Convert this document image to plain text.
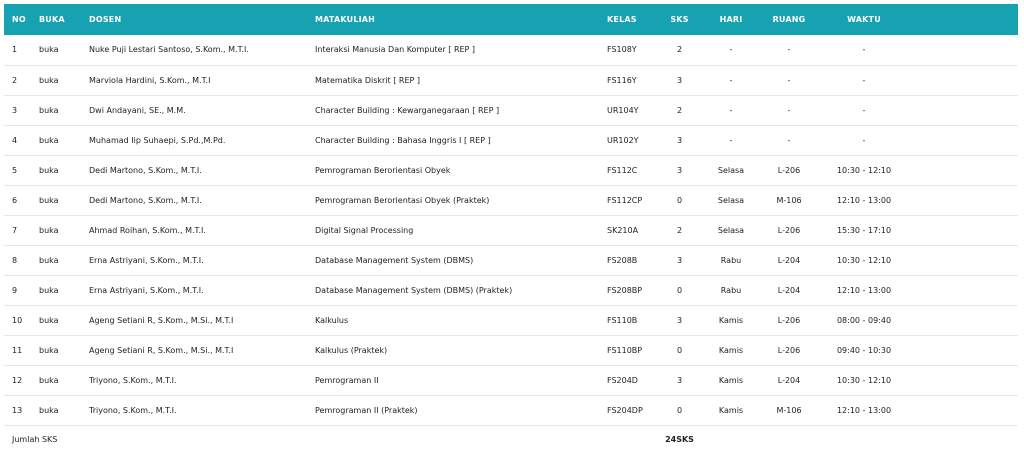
NO	BUKA	DOSEN	MATAKULIAH	KELAS	SKS	HARI	RUANG	WAKTU	
1	buka	Nuke Puji Lestari Santoso, S.Kom., M.T.I.	Interaksi Manusia Dan Komputer [ REP ]	FS108Y	2	-	-	-	
2	buka	Marviola Hardini, S.Kom., M.T.I	Matematika Diskrit [ REP ]	FS116Y	3	-	-	-	
3	buka	Dwi Andayani, SE., M.M.	Character Building : Kewarganegaraan [ REP ]	UR104Y	2	-	-	-	
4	buka	Muhamad Iip Suhaepi, S.Pd.,M.Pd.	Character Building : Bahasa Inggris I [ REP ]	UR102Y	3	-	-	-	
5	buka	Dedi Martono, S.Kom., M.T.I.	Pemrograman Berorientasi Obyek	FS112C	3	Selasa	L-206	10:30 - 12:10	
6	buka	Dedi Martono, S.Kom., M.T.I.	Pemrograman Berorientasi Obyek (Praktek)	FS112CP	0	Selasa	M-106	12:10 - 13:00	
7	buka	Ahmad Roihan, S.Kom., M.T.I.	Digital Signal Processing	SK210A	2	Selasa	L-206	15:30 - 17:10	
8	buka	Erna Astriyani, S.Kom., M.T.I.	Database Management System (DBMS)	FS208B	3	Rabu	L-204	10:30 - 12:10	
9	buka	Erna Astriyani, S.Kom., M.T.I.	Database Management System (DBMS) (Praktek)	FS208BP	0	Rabu	L-204	12:10 - 13:00	
10	buka	Ageng Setiani R, S.Kom., M.Si., M.T.I	Kalkulus	FS110B	3	Kamis	L-206	08:00 - 09:40	
11	buka	Ageng Setiani R, S.Kom., M.Si., M.T.I	Kalkulus (Praktek)	FS110BP	0	Kamis	L-206	09:40 - 10:30	
12	buka	Triyono, S.Kom., M.T.I.	Pemrograman II	FS204D	3	Kamis	L-204	10:30 - 12:10	
13	buka	Triyono, S.Kom., M.T.I.	Pemrograman II (Praktek)	FS204DP	0	Kamis	M-106	12:10 - 13:00	
Jumlah SKS					24SKS				
